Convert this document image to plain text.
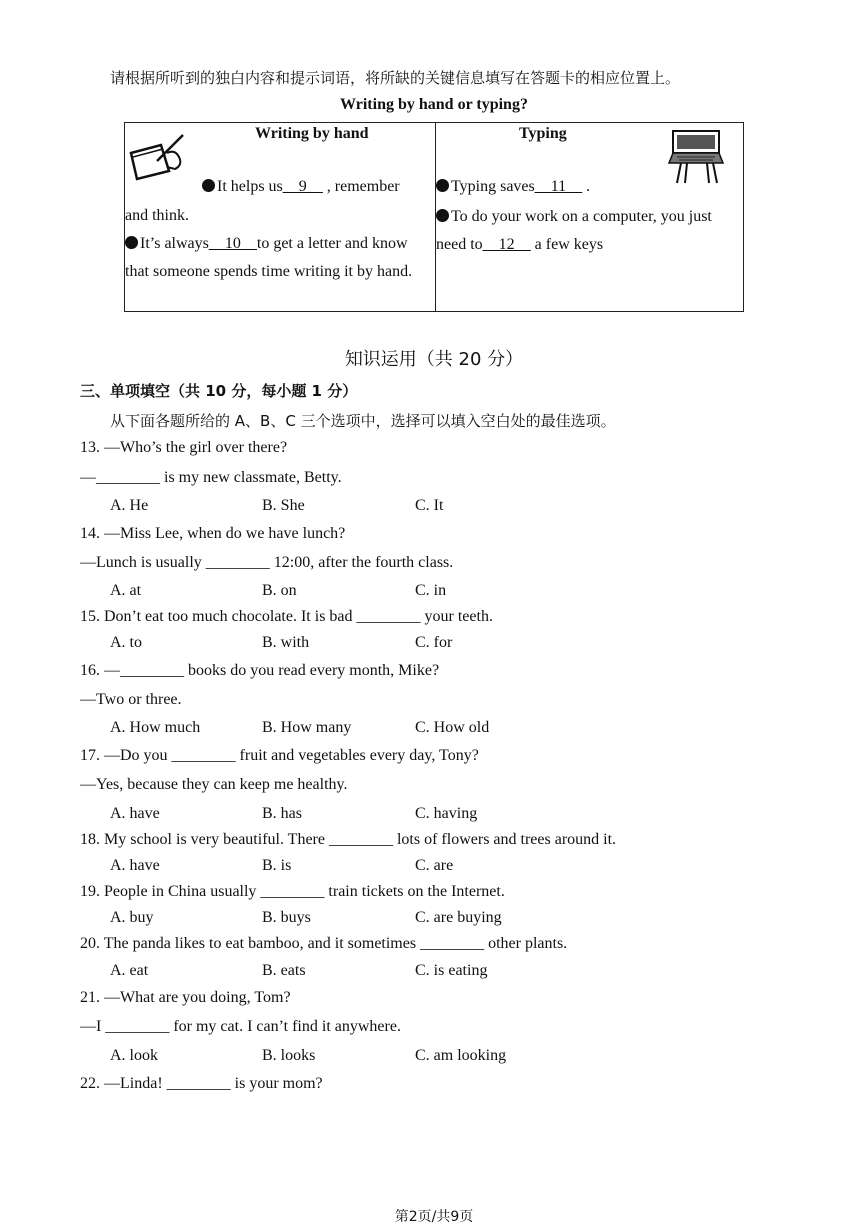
请根据所听到的独白内容和提示词语，将所缺的关键信息填写在答题卡的相应位置上。
Writing by hand or typing?
Writing by hand
It helps us__9__ , remember
and think.
It’s always__10__to get a letter and know
that someone spends time writing it by hand.
Typing
Typing saves__11__ .
To do your work on a computer, you just
need to__12__ a few keys
知识运用（共 20 分）
三、单项填空（共 10 分，每小题 1 分）
从下面各题所给的 A、B、C 三个选项中，选择可以填入空白处的最佳选项。
13. —Who’s the girl over there?
—________ is my new classmate, Betty.
A. He	B. She	C. It
14. —Miss Lee, when do we have lunch?
—Lunch is usually ________ 12:00, after the fourth class.
A. at	B. on	C. in
15. Don’t eat too much chocolate. It is bad ________ your teeth.
A. to	B. with	C. for
16. —________ books do you read every month, Mike?
—Two or three.
A. How much	B. How many	C. How old
17. —Do you ________ fruit and vegetables every day, Tony?
—Yes, because they can keep me healthy.
A. have	B. has	C. having
18. My school is very beautiful. There ________ lots of flowers and trees around it.
A. have	B. is	C. are
19. People in China usually ________ train tickets on the Internet.
A. buy	B. buys	C. are buying
20. The panda likes to eat bamboo, and it sometimes ________ other plants.
A. eat	B. eats	C. is eating
21. —What are you doing, Tom?
—I ________ for my cat. I can’t find it anywhere.
A. look	B. looks	C. am looking
22. —Linda! ________ is your mom?
第2页/共9页
